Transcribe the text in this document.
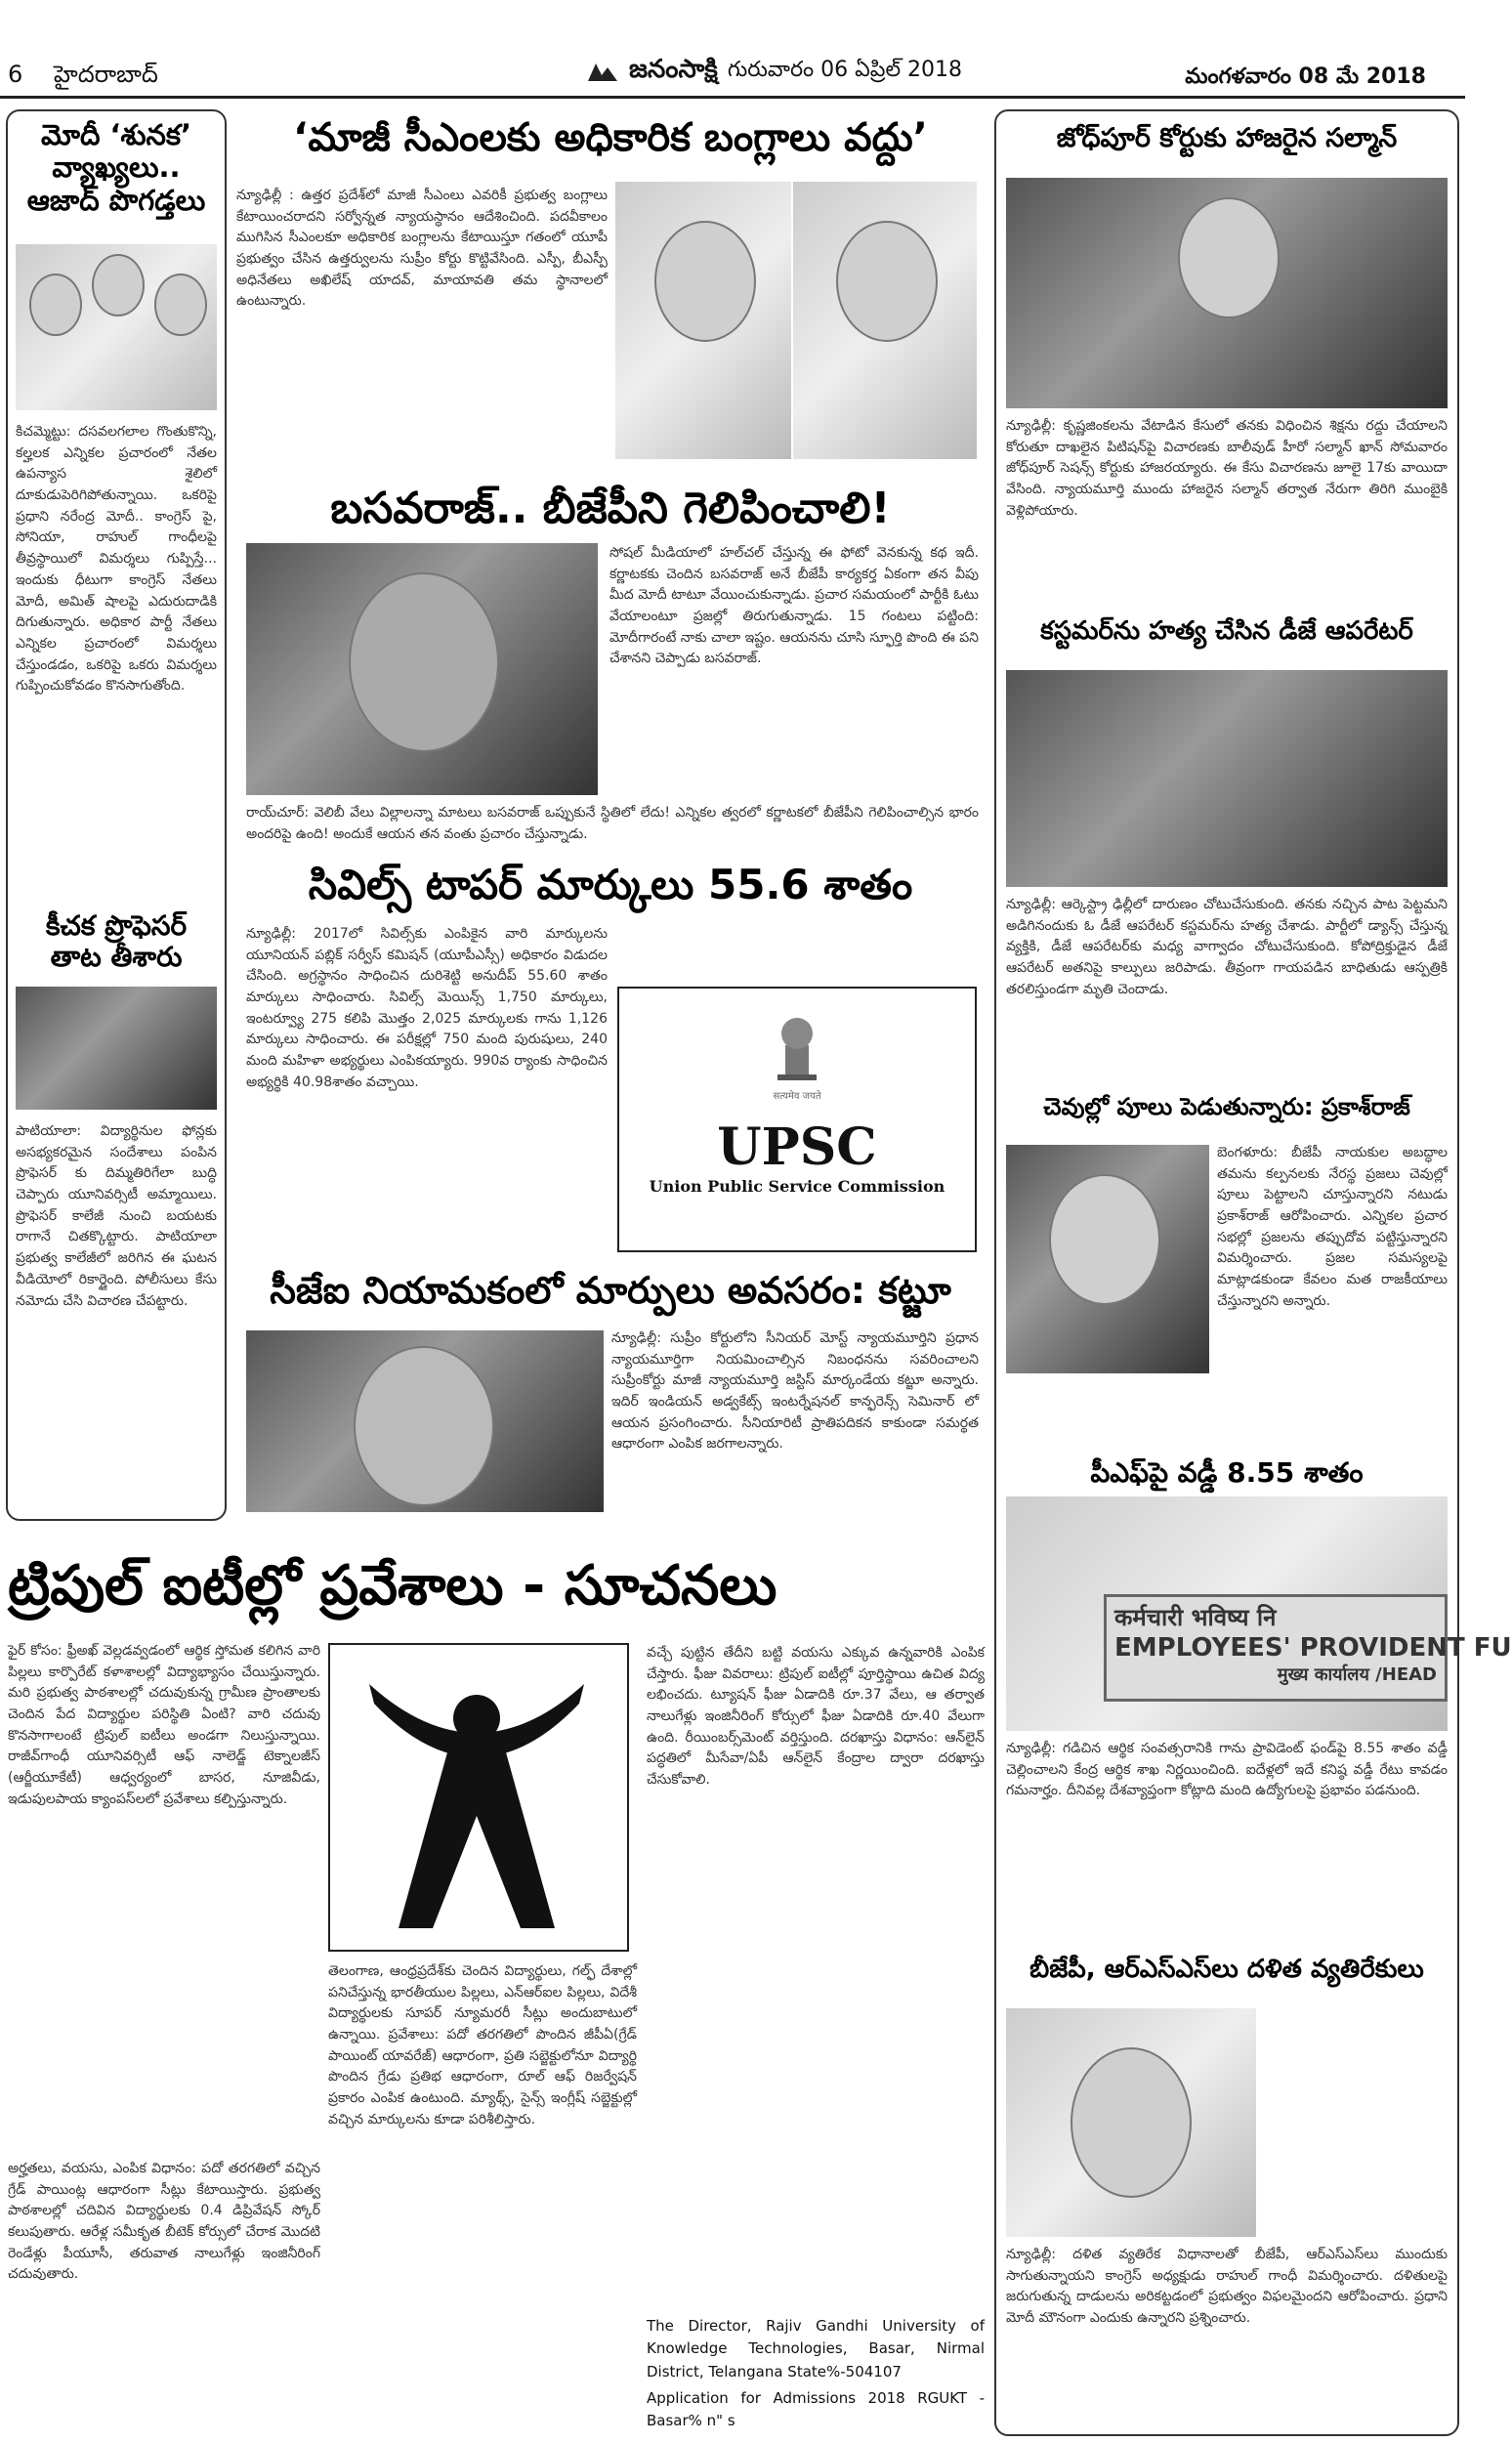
6 హైదరాబాద్	జనంసాక్షి గురువారం 06 ఏప్రిల్ 2018	మంగళవారం 08 మే 2018
మోదీ ‘శునక’ వ్యాఖ్యలు.. ఆజాద్ పొగడ్తలు
కిచమ్మెట్టు: దసవలగలాల గొంతుకొన్ని, కల్హలక ఎన్నికల ప్రచారంలో నేతల ఉపన్యాస శైలిలో దూకుడుపెరిగిపోతున్నాయి. ఒకరిపై ప్రధాని నరేంద్ర మోదీ.. కాంగ్రెస్ పై, సోనియా, రాహుల్ గాంధీలపై తీవ్రస్థాయిలో విమర్శలు గుప్పిస్తే... ఇందుకు ధీటుగా కాంగ్రెస్ నేతలు మోదీ, అమిత్ షాలపై ఎదురుదాడికి దిగుతున్నారు. అధికార పార్టీ నేతలు ఎన్నికల ప్రచారంలో విమర్శలు చేస్తుండడం, ఒకరిపై ఒకరు విమర్శలు గుప్పించుకోవడం కొనసాగుతోంది.
కీచక ప్రొఫెసర్ తాట తీశారు
పాటియాలా: విద్యార్థినుల ఫోన్లకు అసభ్యకరమైన సందేశాలు పంపిన ప్రొఫెసర్ కు దిమ్మతిరిగేలా బుద్ధి చెప్పారు యూనివర్సిటీ అమ్మాయిలు. ప్రొఫెసర్ కాలేజీ నుంచి బయటకు రాగానే చితక్కొట్టారు. పాటియాలా ప్రభుత్వ కాలేజీలో జరిగిన ఈ ఘటన వీడియోలో రికార్డైంది. పోలీసులు కేసు నమోదు చేసి విచారణ చేపట్టారు.
‘మాజీ సీఎంలకు అధికారిక బంగ్లాలు వద్దు’
న్యూఢిల్లీ : ఉత్తర ప్రదేశ్‌లో మాజీ సీఎంలు ఎవరికీ ప్రభుత్వ బంగ్లాలు కేటాయించరాదని సర్వోన్నత న్యాయస్థానం ఆదేశించింది. పదవీకాలం ముగిసిన సీఎంలకూ అధికారిక బంగ్లాలను కేటాయిస్తూ గతంలో యూపీ ప్రభుత్వం చేసిన ఉత్తర్వులను సుప్రీం కోర్టు కొట్టివేసింది. ఎస్పీ, బీఎస్పీ అధినేతలు అఖిలేష్ యాదవ్, మాయావతి తమ స్థానాలలో ఉంటున్నారు.
బసవరాజ్.. బీజేపీని గెలిపించాలి!
సోషల్ మీడియాలో హల్‌చల్ చేస్తున్న ఈ ఫోటో వెనకున్న కథ ఇదీ. కర్ణాటకకు చెందిన బసవరాజ్ అనే బీజేపీ కార్యకర్త ఏకంగా తన వీపు మీద మోదీ టాటూ వేయించుకున్నాడు. ప్రచార సమయంలో పార్టీకి ఓటు వేయాలంటూ ప్రజల్లో తిరుగుతున్నాడు. 15 గంటలు పట్టింది: మోదీగారంటే నాకు చాలా ఇష్టం. ఆయనను చూసి స్ఫూర్తి పొంది ఈ పని చేశానని చెప్పాడు బసవరాజ్.
రాయ్‌చూర్: వెలిబీ వేలు విల్లాలన్నా మాటలు బసవరాజ్ ఒప్పుకునే స్థితిలో లేదు! ఎన్నికల త్వరలో కర్ణాటకలో బీజేపీని గెలిపించాల్సిన భారం అందరిపై ఉంది! అందుకే ఆయన తన వంతు ప్రచారం చేస్తున్నాడు.
సివిల్స్ టాపర్ మార్కులు 55.6 శాతం
న్యూఢిల్లీ: 2017లో సివిల్స్‌కు ఎంపికైన వారి మార్కులను యూనియన్ పబ్లిక్ సర్వీస్ కమిషన్ (యూపీఎస్సీ) అధికారం విడుదల చేసింది. అగ్రస్థానం సాధించిన దురిశెట్టి అనుదీప్ 55.60 శాతం మార్కులు సాధించారు. సివిల్స్ మెయిన్స్ 1,750 మార్కులు, ఇంటర్వ్యూ 275 కలిపి మొత్తం 2,025 మార్కులకు గాను 1,126 మార్కులు సాధించారు. ఈ పరీక్షల్లో 750 మంది పురుషులు, 240 మంది మహిళా అభ్యర్థులు ఎంపికయ్యారు. 990వ ర్యాంకు సాధించిన అభ్యర్థికి 40.98శాతం వచ్చాయి.
सत्यमेव जयते
UPSC
Union Public Service Commission
సీజేఐ నియామకంలో మార్పులు అవసరం: కట్జూ
న్యూఢిల్లీ: సుప్రీం కోర్టులోని సీనియర్ మోస్ట్ న్యాయమూర్తిని ప్రధాన న్యాయమూర్తిగా నియమించాల్సిన నిబంధనను సవరించాలని సుప్రీంకోర్టు మాజీ న్యాయమూర్తి జస్టిస్ మార్కండేయ కట్జూ అన్నారు. ఇదిర్ ఇండియన్ అడ్వకేట్స్ ఇంటర్నేషనల్ కాన్ఫరెన్స్ సెమినార్ లో ఆయన ప్రసంగించారు. సీనియారిటీ ప్రాతిపదికన కాకుండా సమర్థత ఆధారంగా ఎంపిక జరగాలన్నారు.
ట్రిపుల్ ఐటీల్లో ప్రవేశాలు - సూచనలు
ఫైర్ కోసం: ఫ్రీఅఖ్ వెల్లడవ్వడంలో ఆర్థిక స్తోమత కలిగిన వారి పిల్లలు కార్పొరేట్ కళాశాలల్లో విద్యాభ్యాసం చేయిస్తున్నారు. మరి ప్రభుత్వ పాఠశాలల్లో చదువుకున్న గ్రామీణ ప్రాంతాలకు చెందిన పేద విద్యార్థుల పరిస్థితి ఏంటి? వారి చదువు కొనసాగాలంటే ట్రిపుల్ ఐటీలు అండగా నిలుస్తున్నాయి. రాజీవ్‌గాంధీ యూనివర్సిటీ ఆఫ్ నాలెడ్జ్ టెక్నాలజీస్ (ఆర్జీయూకేటీ) ఆధ్వర్యంలో బాసర, నూజివీడు, ఇడుపులపాయ క్యాంపస్‌లలో ప్రవేశాలు కల్పిస్తున్నారు.
అర్హతలు, వయసు, ఎంపిక విధానం: పదో తరగతిలో వచ్చిన గ్రేడ్ పాయింట్ల ఆధారంగా సీట్లు కేటాయిస్తారు. ప్రభుత్వ పాఠశాలల్లో చదివిన విద్యార్థులకు 0.4 డిప్రివేషన్ స్కోర్ కలుపుతారు. ఆరేళ్ల సమీకృత బీటెక్ కోర్సులో చేరాక మొదటి రెండేళ్లు పీయూసీ, తరువాత నాలుగేళ్లు ఇంజినీరింగ్ చదువుతారు.
తెలంగాణ, ఆంధ్రప్రదేశ్‌కు చెందిన విద్యార్థులు, గల్ఫ్ దేశాల్లో పనిచేస్తున్న భారతీయుల పిల్లలు, ఎన్‌ఆర్ఐల పిల్లలు, విదేశీ విద్యార్థులకు సూపర్ న్యూమరరీ సీట్లు అందుబాటులో ఉన్నాయి. ప్రవేశాలు: పదో తరగతిలో పొందిన జీపీఏ(గ్రేడ్ పాయింట్ యావరేజ్) ఆధారంగా, ప్రతి సబ్జెక్టులోనూ విద్యార్థి పొందిన గ్రేడు ప్రతిభ ఆధారంగా, రూల్ ఆఫ్ రిజర్వేషన్ ప్రకారం ఎంపిక ఉంటుంది. మ్యాథ్స్, సైన్స్ ఇంగ్లీష్ సబ్జెక్టుల్లో వచ్చిన మార్కులను కూడా పరిశీలిస్తారు.
వచ్చే పుట్టిన తేదీని బట్టి వయసు ఎక్కువ ఉన్నవారికి ఎంపిక చేస్తారు. ఫీజు వివరాలు: ట్రిపుల్ ఐటీల్లో పూర్తిస్థాయి ఉచిత విద్య లభించదు. ట్యూషన్ ఫీజు ఏడాదికి రూ.37 వేలు, ఆ తర్వాత నాలుగేళ్లు ఇంజినీరింగ్ కోర్సులో ఫీజు ఏడాదికి రూ.40 వేలుగా ఉంది. రీయింబర్స్‌మెంట్ వర్తిస్తుంది. దరఖాస్తు విధానం: ఆన్‌లైన్ పద్ధతిలో మీసేవా/ఏపీ ఆన్‌లైన్ కేంద్రాల ద్వారా దరఖాస్తు చేసుకోవాలి.
The Director, Rajiv Gandhi University of Knowledge Technologies, Basar, Nirmal District, Telangana State%-504107
Application for Admissions 2018 RGUKT - Basar% n" s
జోధ్‌పూర్ కోర్టుకు హాజరైన సల్మాన్
న్యూఢిల్లీ: కృష్ణజింకలను వేటాడిన కేసులో తనకు విధించిన శిక్షను రద్దు చేయాలని కోరుతూ దాఖలైన పిటిషన్‌పై విచారణకు బాలీవుడ్ హీరో సల్మాన్ ఖాన్ సోమవారం జోధ్‌పూర్ సెషన్స్ కోర్టుకు హాజరయ్యారు. ఈ కేసు విచారణను జూలై 17కు వాయిదా వేసింది. న్యాయమూర్తి ముందు హాజరైన సల్మాన్ తర్వాత నేరుగా తిరిగి ముంబైకి వెళ్లిపోయారు.
కస్టమర్‌ను హత్య చేసిన డీజే ఆపరేటర్
న్యూఢిల్లీ: ఆర్కెస్ట్రా ఢిల్లీలో దారుణం చోటుచేసుకుంది. తనకు నచ్చిన పాట పెట్టమని అడిగినందుకు ఓ డీజే ఆపరేటర్ కస్టమర్‌ను హత్య చేశాడు. పార్టీలో డ్యాన్స్ చేస్తున్న వ్యక్తికి, డీజే ఆపరేటర్‌కు మధ్య వాగ్వాదం చోటుచేసుకుంది. కోపోద్రిక్తుడైన డీజే ఆపరేటర్ అతనిపై కాల్పులు జరిపాడు. తీవ్రంగా గాయపడిన బాధితుడు ఆస్పత్రికి తరలిస్తుండగా మృతి చెందాడు.
చెవుల్లో పూలు పెడుతున్నారు: ప్రకాశ్‌రాజ్
బెంగళూరు: బీజేపీ నాయకుల అబద్ధాల తమను కల్పనలకు నేరస్థ ప్రజలు చెవుల్లో పూలు పెట్టాలని చూస్తున్నారని నటుడు ప్రకాశ్‌రాజ్ ఆరోపించారు. ఎన్నికల ప్రచార సభల్లో ప్రజలను తప్పుదోవ పట్టిస్తున్నారని విమర్శించారు. ప్రజల సమస్యలపై మాట్లాడకుండా కేవలం మత రాజకీయాలు చేస్తున్నారని అన్నారు.
పీఎఫ్‌పై వడ్డీ 8.55 శాతం
कर्मचारी भविष्य नि
EMPLOYEES' PROVIDENT FU
मुख्य कार्यालय /HEAD
న్యూఢిల్లీ: గడిచిన ఆర్థిక సంవత్సరానికి గాను ప్రావిడెంట్ ఫండ్‌పై 8.55 శాతం వడ్డీ చెల్లించాలని కేంద్ర ఆర్థిక శాఖ నిర్ణయించింది. ఐదేళ్లలో ఇదే కనిష్ఠ వడ్డీ రేటు కావడం గమనార్హం. దీనివల్ల దేశవ్యాప్తంగా కోట్లాది మంది ఉద్యోగులపై ప్రభావం పడనుంది.
బీజేపీ, ఆర్‌ఎస్‌ఎస్‌లు దళిత వ్యతిరేకులు
న్యూఢిల్లీ: దళిత వ్యతిరేక విధానాలతో బీజేపీ, ఆర్‌ఎస్‌ఎస్‌లు ముందుకు సాగుతున్నాయని కాంగ్రెస్ అధ్యక్షుడు రాహుల్ గాంధీ విమర్శించారు. దళితులపై జరుగుతున్న దాడులను అరికట్టడంలో ప్రభుత్వం విఫలమైందని ఆరోపించారు. ప్రధాని మోదీ మౌనంగా ఎందుకు ఉన్నారని ప్రశ్నించారు.
